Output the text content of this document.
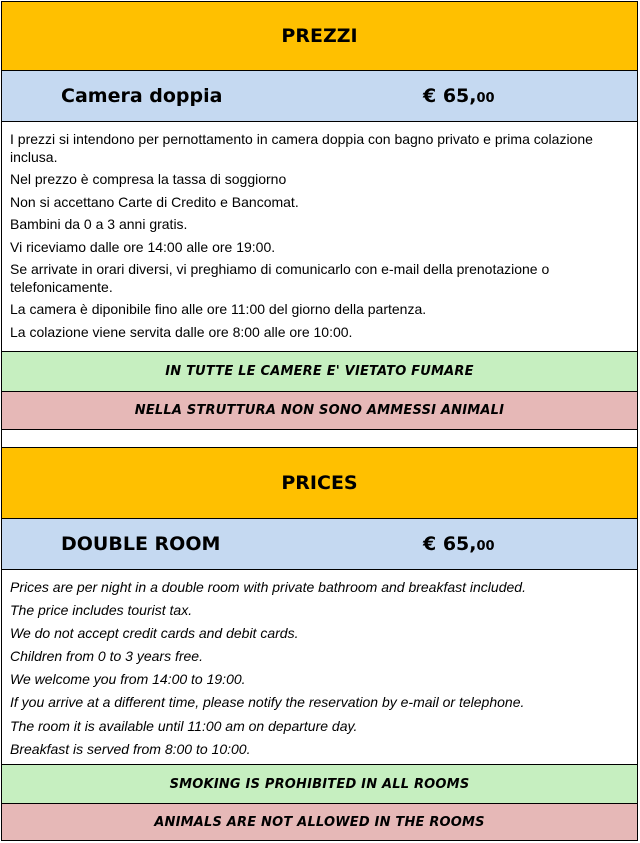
PREZZI
Camera doppia	€ 65,00

I prezzi si intendono per pernottamento in camera doppia con bagno privato e prima colazione inclusa.

Nel prezzo è compresa la tassa di soggiorno

Non si accettano Carte di Credito e Bancomat.

Bambini da 0 a 3 anni gratis.

Vi riceviamo dalle ore 14:00 alle ore 19:00.

Se arrivate in orari diversi, vi preghiamo di comunicarlo con e-mail della prenotazione o telefonicamente.

La camera è diponibile fino alle ore 11:00 del giorno della partenza.

La colazione viene servita dalle ore 8:00 alle ore 10:00.

IN TUTTE LE CAMERE E' VIETATO FUMARE
NELLA STRUTTURA NON SONO AMMESSI ANIMALI
PRICES
DOUBLE ROOM	€ 65,00

Prices are per night in a double room with private bathroom and breakfast included.

The price includes tourist tax.

We do not accept credit cards and debit cards.

Children from 0 to 3 years free.

We welcome you from 14:00 to 19:00.

If you arrive at a different time, please notify the reservation by e-mail or telephone.

The room it is available until 11:00 am on departure day.

Breakfast is served from 8:00 to 10:00.

SMOKING IS PROHIBITED IN ALL ROOMS
ANIMALS ARE NOT ALLOWED IN THE ROOMS
